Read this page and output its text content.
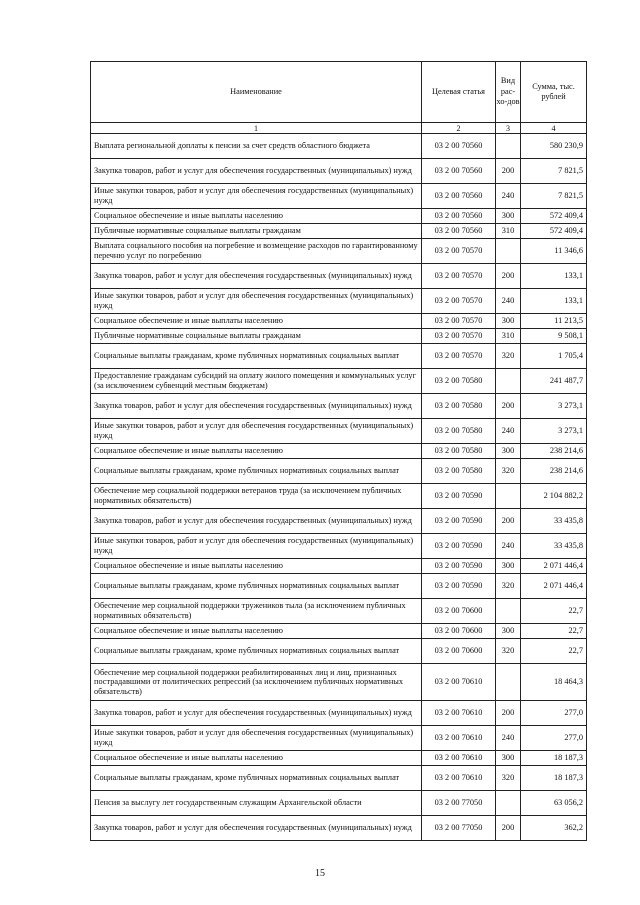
Наименование	Целевая статья	Вид рас-хо-дов	Сумма, тыс. рублей
1	2	3	4
Выплата региональной доплаты к пенсии за счет средств областного бюджета	03 2 00 70560		580 230,9
Закупка товаров, работ и услуг для обеспечения государственных (муниципальных) нужд	03 2 00 70560	200	7 821,5
Иные закупки товаров, работ и услуг для обеспечения государственных (муниципальных) нужд	03 2 00 70560	240	7 821,5
Социальное обеспечение и иные выплаты населению	03 2 00 70560	300	572 409,4
Публичные нормативные социальные выплаты гражданам	03 2 00 70560	310	572 409,4
Выплата социального пособия на погребение и возмещение расходов по гарантированному перечню услуг по погребению	03 2 00 70570		11 346,6
Закупка товаров, работ и услуг для обеспечения государственных (муниципальных) нужд	03 2 00 70570	200	133,1
Иные закупки товаров, работ и услуг для обеспечения государственных (муниципальных) нужд	03 2 00 70570	240	133,1
Социальное обеспечение и иные выплаты населению	03 2 00 70570	300	11 213,5
Публичные нормативные социальные выплаты гражданам	03 2 00 70570	310	9 508,1
Социальные выплаты гражданам, кроме публичных нормативных социальных выплат	03 2 00 70570	320	1 705,4
Предоставление гражданам субсидий на оплату жилого помещения и коммунальных услуг (за исключением субвенций местным бюджетам)	03 2 00 70580		241 487,7
Закупка товаров, работ и услуг для обеспечения государственных (муниципальных) нужд	03 2 00 70580	200	3 273,1
Иные закупки товаров, работ и услуг для обеспечения государственных (муниципальных) нужд	03 2 00 70580	240	3 273,1
Социальное обеспечение и иные выплаты населению	03 2 00 70580	300	238 214,6
Социальные выплаты гражданам, кроме публичных нормативных социальных выплат	03 2 00 70580	320	238 214,6
Обеспечение мер социальной поддержки ветеранов труда (за исключением публичных нормативных обязательств)	03 2 00 70590		2 104 882,2
Закупка товаров, работ и услуг для обеспечения государственных (муниципальных) нужд	03 2 00 70590	200	33 435,8
Иные закупки товаров, работ и услуг для обеспечения государственных (муниципальных) нужд	03 2 00 70590	240	33 435,8
Социальное обеспечение и иные выплаты населению	03 2 00 70590	300	2 071 446,4
Социальные выплаты гражданам, кроме публичных нормативных социальных выплат	03 2 00 70590	320	2 071 446,4
Обеспечение мер социальной поддержки тружеников тыла (за исключением публичных нормативных обязательств)	03 2 00 70600		22,7
Социальное обеспечение и иные выплаты населению	03 2 00 70600	300	22,7
Социальные выплаты гражданам, кроме публичных нормативных социальных выплат	03 2 00 70600	320	22,7
Обеспечение мер социальной поддержки реабилитированных лиц и лиц, признанных пострадавшими от политических репрессий (за исключением публичных нормативных обязательств)	03 2 00 70610		18 464,3
Закупка товаров, работ и услуг для обеспечения государственных (муниципальных) нужд	03 2 00 70610	200	277,0
Иные закупки товаров, работ и услуг для обеспечения государственных (муниципальных) нужд	03 2 00 70610	240	277,0
Социальное обеспечение и иные выплаты населению	03 2 00 70610	300	18 187,3
Социальные выплаты гражданам, кроме публичных нормативных социальных выплат	03 2 00 70610	320	18 187,3
Пенсия за выслугу лет государственным служащим Архангельской области	03 2 00 77050		63 056,2
Закупка товаров, работ и услуг для обеспечения государственных (муниципальных) нужд	03 2 00 77050	200	362,2
15
